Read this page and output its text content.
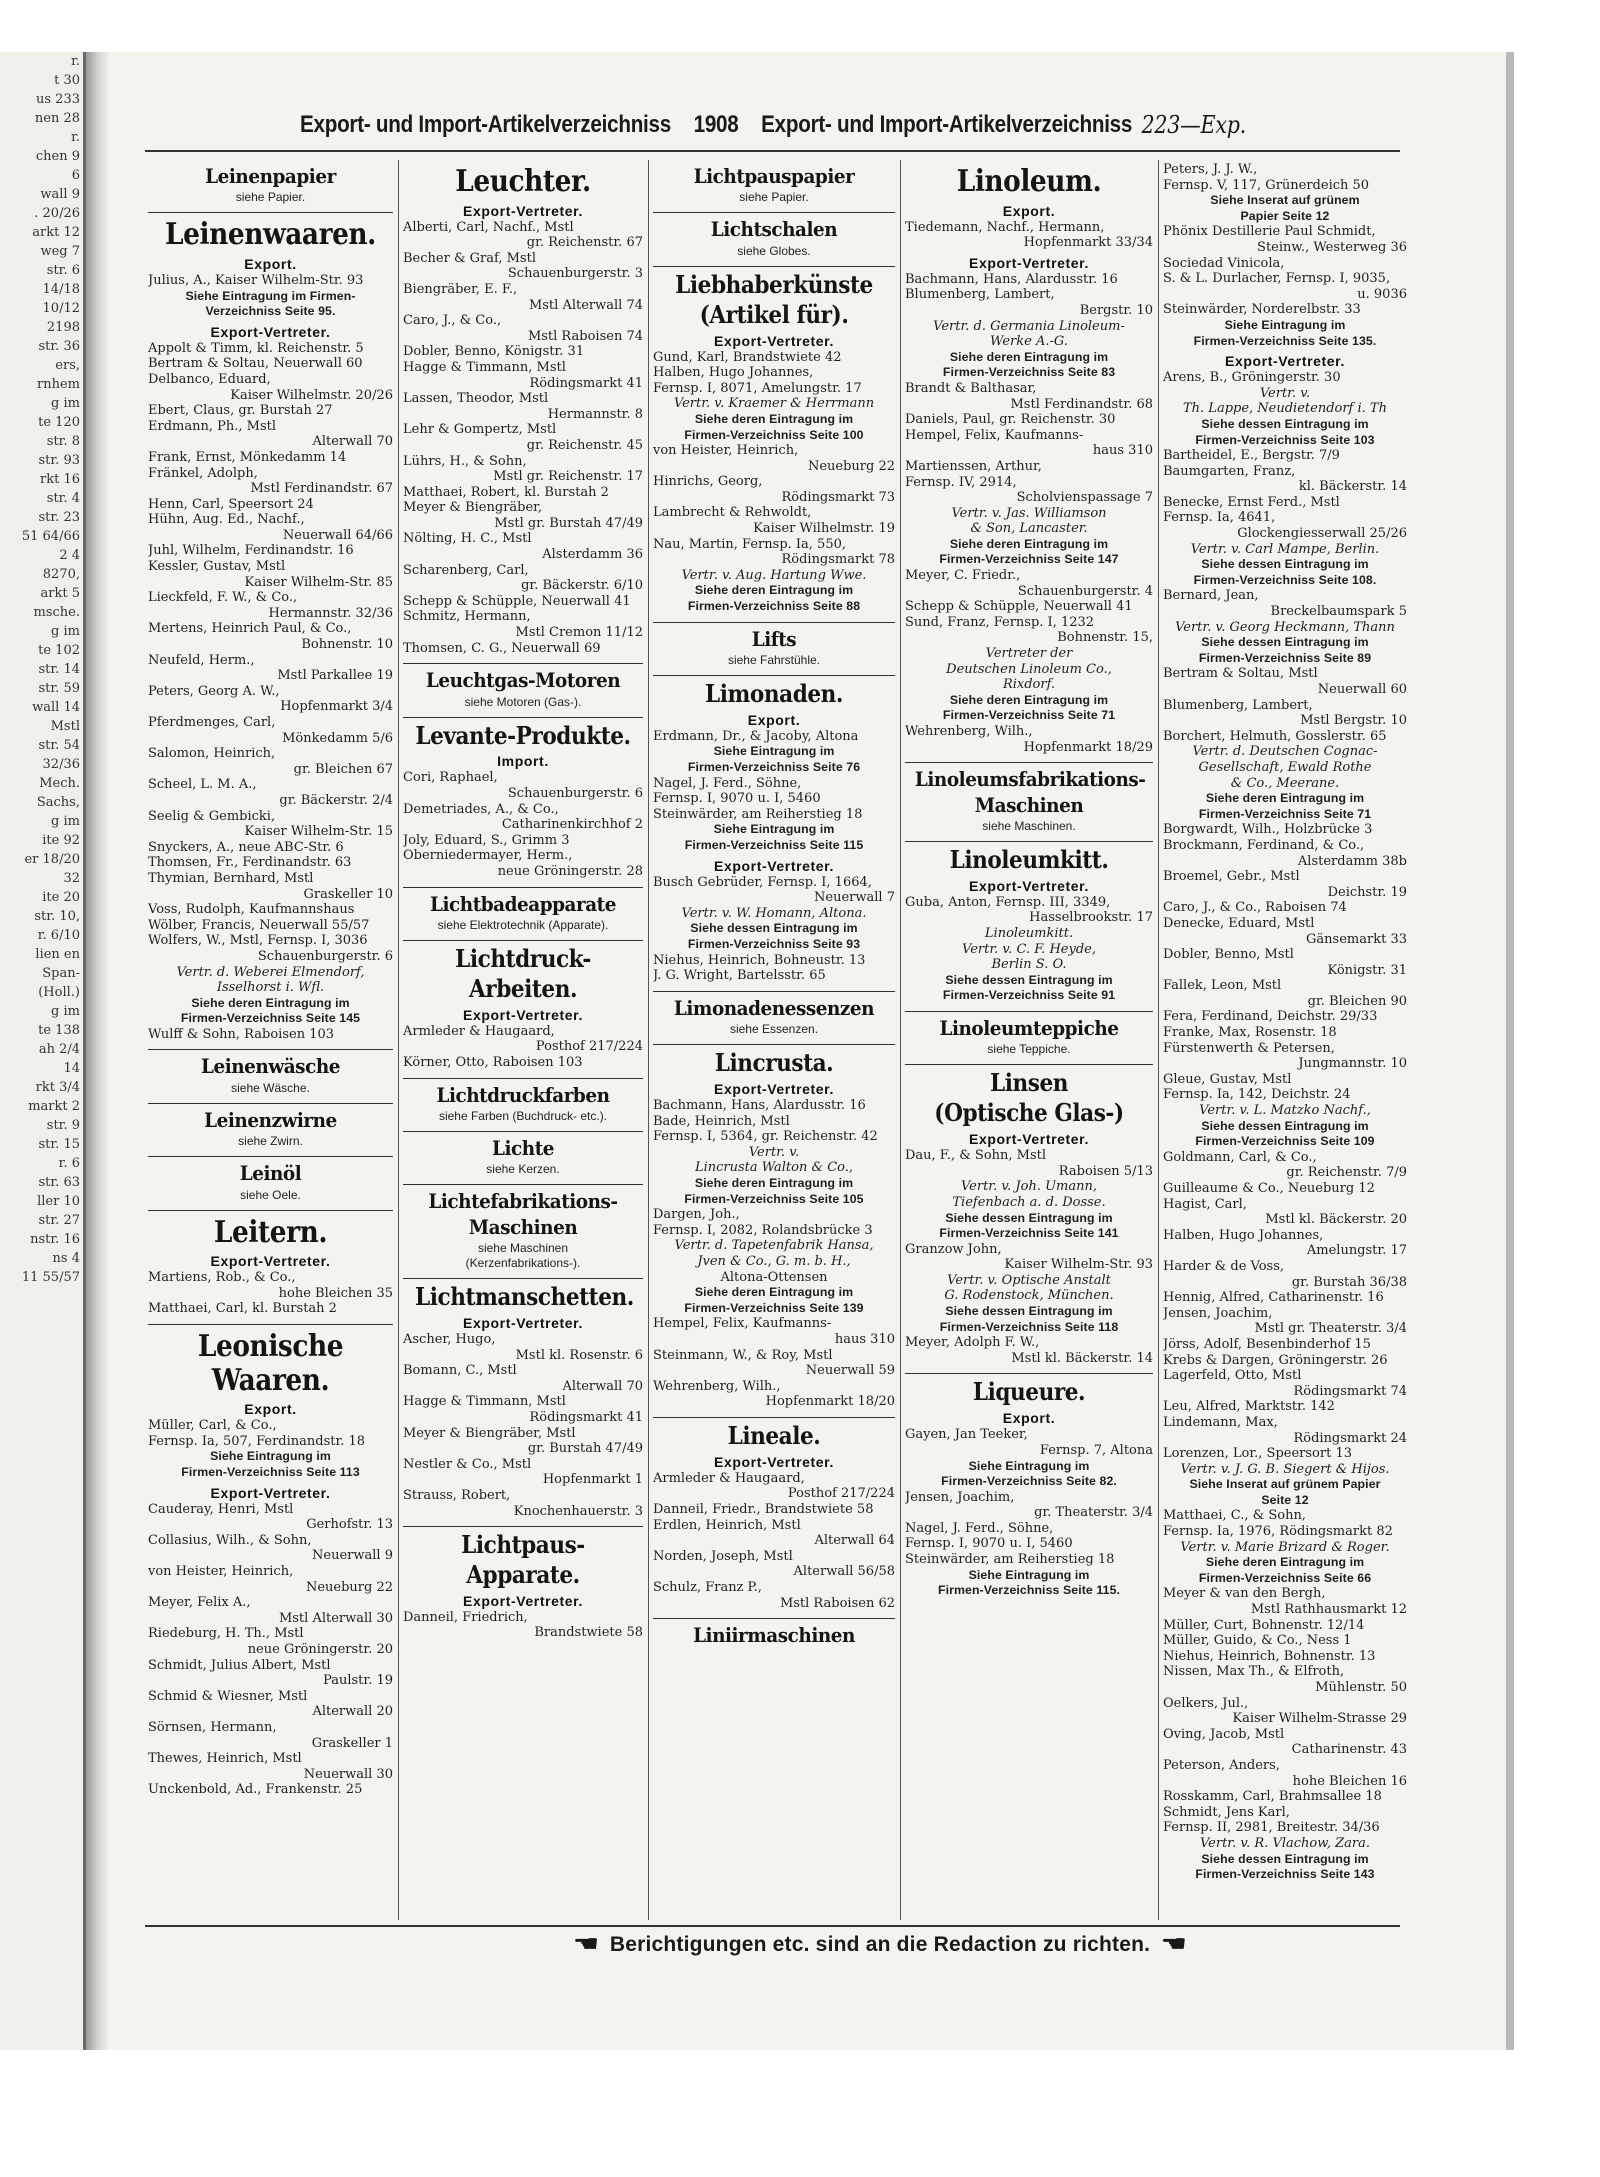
r.
t 30
us 233
nen 28
r.
chen 9
6
wall 9
. 20/26
arkt 12
weg 7
str. 6
14/18
10/12
2198
str. 36
ers,
rnhem
g im
te 120
str. 8
str. 93
rkt 16
str. 4
str. 23
51 64/66
2 4
8270,
arkt 5
msche.
g im
te 102
str. 14
str. 59
wall 14
Mstl
str. 54
32/36
Mech.
Sachs,
g im
ite 92
er 18/20
32
ite 20
str. 10,
r. 6/10
lien en
Span-
(Holl.)
g im
te 138
ah 2/4
14
rkt 3/4
markt 2
str. 9
str. 15
r. 6
str. 63
ller 10
str. 27
nstr. 16
ns 4
11 55/57
Export- und Import-Artikelverzeichniss 1908 Export- und Import-Artikelverzeichniss 223—Exp.
Leinenpapier
siehe Papier.
Leinenwaaren.
Export.
Julius, A., Kaiser Wilhelm-Str. 93
Siehe Eintragung im Firmen-
Verzeichniss Seite 95.
Export-Vertreter.
Appolt & Timm, kl. Reichenstr. 5
Bertram & Soltau, Neuerwall 60
Delbanco, Eduard,
Kaiser Wilhelmstr. 20/26
Ebert, Claus, gr. Burstah 27
Erdmann, Ph., Mstl
Alterwall 70
Frank, Ernst, Mönkedamm 14
Fränkel, Adolph,
Mstl Ferdinandstr. 67
Henn, Carl, Speersort 24
Hühn, Aug. Ed., Nachf.,
Neuerwall 64/66
Juhl, Wilhelm, Ferdinandstr. 16
Kessler, Gustav, Mstl
Kaiser Wilhelm-Str. 85
Lieckfeld, F. W., & Co.,
Hermannstr. 32/36
Mertens, Heinrich Paul, & Co.,
Bohnenstr. 10
Neufeld, Herm.,
Mstl Parkallee 19
Peters, Georg A. W.,
Hopfenmarkt 3/4
Pferdmenges, Carl,
Mönkedamm 5/6
Salomon, Heinrich,
gr. Bleichen 67
Scheel, L. M. A.,
gr. Bäckerstr. 2/4
Seelig & Gembicki,
Kaiser Wilhelm-Str. 15
Snyckers, A., neue ABC-Str. 6
Thomsen, Fr., Ferdinandstr. 63
Thymian, Bernhard, Mstl
Graskeller 10
Voss, Rudolph, Kaufmannshaus
Wölber, Francis, Neuerwall 55/57
Wolfers, W., Mstl, Fernsp. I, 3036
Schauenburgerstr. 6
Vertr. d. Weberei Elmendorf,
Isselhorst i. Wfl.
Siehe deren Eintragung im
Firmen-Verzeichniss Seite 145
Wulff & Sohn, Raboisen 103
Leinenwäsche
siehe Wäsche.
Leinenzwirne
siehe Zwirn.
Leinöl
siehe Oele.
Leitern.
Export-Vertreter.
Martiens, Rob., & Co.,
hohe Bleichen 35
Matthaei, Carl, kl. Burstah 2
Leonische Waaren.
Export.
Müller, Carl, & Co.,
Fernsp. Ia, 507, Ferdinandstr. 18
Siehe Eintragung im
Firmen-Verzeichniss Seite 113
Export-Vertreter.
Cauderay, Henri, Mstl
Gerhofstr. 13
Collasius, Wilh., & Sohn,
Neuerwall 9
von Heister, Heinrich,
Neueburg 22
Meyer, Felix A.,
Mstl Alterwall 30
Riedeburg, H. Th., Mstl
neue Gröningerstr. 20
Schmidt, Julius Albert, Mstl
Paulstr. 19
Schmid & Wiesner, Mstl
Alterwall 20
Sörnsen, Hermann,
Graskeller 1
Thewes, Heinrich, Mstl
Neuerwall 30
Unckenbold, Ad., Frankenstr. 25
Leuchter.
Export-Vertreter.
Alberti, Carl, Nachf., Mstl
gr. Reichenstr. 67
Becher & Graf, Mstl
Schauenburgerstr. 3
Biengräber, E. F.,
Mstl Alterwall 74
Caro, J., & Co.,
Mstl Raboisen 74
Dobler, Benno, Königstr. 31
Hagge & Timmann, Mstl
Rödingsmarkt 41
Lassen, Theodor, Mstl
Hermannstr. 8
Lehr & Gompertz, Mstl
gr. Reichenstr. 45
Lührs, H., & Sohn,
Mstl gr. Reichenstr. 17
Matthaei, Robert, kl. Burstah 2
Meyer & Biengräber,
Mstl gr. Burstah 47/49
Nölting, H. C., Mstl
Alsterdamm 36
Scharenberg, Carl,
gr. Bäckerstr. 6/10
Schepp & Schüpple, Neuerwall 41
Schmitz, Hermann,
Mstl Cremon 11/12
Thomsen, C. G., Neuerwall 69
Leuchtgas-Motoren
siehe Motoren (Gas-).
Levante-Produkte.
Import.
Cori, Raphael,
Schauenburgerstr. 6
Demetriades, A., & Co.,
Catharinenkirchhof 2
Joly, Eduard, S., Grimm 3
Oberniedermayer, Herm.,
neue Gröningerstr. 28
Lichtbadeapparate
siehe Elektrotechnik (Apparate).
Lichtdruck-
Arbeiten.
Export-Vertreter.
Armleder & Haugaard,
Posthof 217/224
Körner, Otto, Raboisen 103
Lichtdruckfarben
siehe Farben (Buchdruck- etc.).
Lichte
siehe Kerzen.
Lichtefabrikations-
Maschinen
siehe Maschinen
(Kerzenfabrikations-).
Lichtmanschetten.
Export-Vertreter.
Ascher, Hugo,
Mstl kl. Rosenstr. 6
Bomann, C., Mstl
Alterwall 70
Hagge & Timmann, Mstl
Rödingsmarkt 41
Meyer & Biengräber, Mstl
gr. Burstah 47/49
Nestler & Co., Mstl
Hopfenmarkt 1
Strauss, Robert,
Knochenhauerstr. 3
Lichtpaus-
Apparate.
Export-Vertreter.
Danneil, Friedrich,
Brandstwiete 58
Lichtpauspapier
siehe Papier.
Lichtschalen
siehe Globes.
Liebhaberkünste
(Artikel für).
Export-Vertreter.
Gund, Karl, Brandstwiete 42
Halben, Hugo Johannes,
Fernsp. I, 8071, Amelungstr. 17
Vertr. v. Kraemer & Herrmann
Siehe deren Eintragung im
Firmen-Verzeichniss Seite 100
von Heister, Heinrich,
Neueburg 22
Hinrichs, Georg,
Rödingsmarkt 73
Lambrecht & Rehwoldt,
Kaiser Wilhelmstr. 19
Nau, Martin, Fernsp. Ia, 550,
Rödingsmarkt 78
Vertr. v. Aug. Hartung Wwe.
Siehe deren Eintragung im
Firmen-Verzeichniss Seite 88
Lifts
siehe Fahrstühle.
Limonaden.
Export.
Erdmann, Dr., & Jacoby, Altona
Siehe Eintragung im
Firmen-Verzeichniss Seite 76
Nagel, J. Ferd., Söhne,
Fernsp. I, 9070 u. I, 5460
Steinwärder, am Reiherstieg 18
Siehe Eintragung im
Firmen-Verzeichniss Seite 115
Export-Vertreter.
Busch Gebrüder, Fernsp. I, 1664,
Neuerwall 7
Vertr. v. W. Homann, Altona.
Siehe dessen Eintragung im
Firmen-Verzeichniss Seite 93
Niehus, Heinrich, Bohneustr. 13
J. G. Wright, Bartelsstr. 65
Limonadenessenzen
siehe Essenzen.
Lincrusta.
Export-Vertreter.
Bachmann, Hans, Alardusstr. 16
Bade, Heinrich, Mstl
Fernsp. I, 5364, gr. Reichenstr. 42
Vertr. v.
Lincrusta Walton & Co.,
Siehe deren Eintragung im
Firmen-Verzeichniss Seite 105
Dargen, Joh.,
Fernsp. I, 2082, Rolandsbrücke 3
Vertr. d. Tapetenfabrik Hansa,
Jven & Co., G. m. b. H.,
Altona-Ottensen
Siehe deren Eintragung im
Firmen-Verzeichniss Seite 139
Hempel, Felix, Kaufmanns-
haus 310
Steinmann, W., & Roy, Mstl
Neuerwall 59
Wehrenberg, Wilh.,
Hopfenmarkt 18/20
Lineale.
Export-Vertreter.
Armleder & Haugaard,
Posthof 217/224
Danneil, Friedr., Brandstwiete 58
Erdlen, Heinrich, Mstl
Alterwall 64
Norden, Joseph, Mstl
Alterwall 56/58
Schulz, Franz P.,
Mstl Raboisen 62
Liniirmaschinen
Linoleum.
Export.
Tiedemann, Nachf., Hermann,
Hopfenmarkt 33/34
Export-Vertreter.
Bachmann, Hans, Alardusstr. 16
Blumenberg, Lambert,
Bergstr. 10
Vertr. d. Germania Linoleum-
Werke A.-G.
Siehe deren Eintragung im
Firmen-Verzeichniss Seite 83
Brandt & Balthasar,
Mstl Ferdinandstr. 68
Daniels, Paul, gr. Reichenstr. 30
Hempel, Felix, Kaufmanns-
haus 310
Martienssen, Arthur,
Fernsp. IV, 2914,
Scholvienspassage 7
Vertr. v. Jas. Williamson
& Son, Lancaster.
Siehe deren Eintragung im
Firmen-Verzeichniss Seite 147
Meyer, C. Friedr.,
Schauenburgerstr. 4
Schepp & Schüpple, Neuerwall 41
Sund, Franz, Fernsp. I, 1232
Bohnenstr. 15,
Vertreter der
Deutschen Linoleum Co.,
Rixdorf.
Siehe deren Eintragung im
Firmen-Verzeichniss Seite 71
Wehrenberg, Wilh.,
Hopfenmarkt 18/29
Linoleumsfabrikations-
Maschinen
siehe Maschinen.
Linoleumkitt.
Export-Vertreter.
Guba, Anton, Fernsp. III, 3349,
Hasselbrookstr. 17
Linoleumkitt.
Vertr. v. C. F. Heyde,
Berlin S. O.
Siehe dessen Eintragung im
Firmen-Verzeichniss Seite 91
Linoleumteppiche
siehe Teppiche.
Linsen
(Optische Glas-)
Export-Vertreter.
Dau, F., & Sohn, Mstl
Raboisen 5/13
Vertr. v. Joh. Umann,
Tiefenbach a. d. Dosse.
Siehe dessen Eintragung im
Firmen-Verzeichniss Seite 141
Granzow John,
Kaiser Wilhelm-Str. 93
Vertr. v. Optische Anstalt
G. Rodenstock, München.
Siehe dessen Eintragung im
Firmen-Verzeichniss Seite 118
Meyer, Adolph F. W.,
Mstl kl. Bäckerstr. 14
Liqueure.
Export.
Gayen, Jan Teeker,
Fernsp. 7, Altona
Siehe Eintragung im
Firmen-Verzeichniss Seite 82.
Jensen, Joachim,
gr. Theaterstr. 3/4
Nagel, J. Ferd., Söhne,
Fernsp. I, 9070 u. I, 5460
Steinwärder, am Reiherstieg 18
Siehe Eintragung im
Firmen-Verzeichniss Seite 115.
Peters, J. J. W.,
Fernsp. V, 117, Grünerdeich 50
Siehe Inserat auf grünem
Papier Seite 12
Phönix Destillerie Paul Schmidt,
Steinw., Westerweg 36
Sociedad Vinicola,
S. & L. Durlacher, Fernsp. I, 9035,
u. 9036
Steinwärder, Norderelbstr. 33
Siehe Eintragung im
Firmen-Verzeichniss Seite 135.
Export-Vertreter.
Arens, B., Gröningerstr. 30
Vertr. v.
Th. Lappe, Neudietendorf i. Th
Siehe dessen Eintragung im
Firmen-Verzeichniss Seite 103
Bartheidel, E., Bergstr. 7/9
Baumgarten, Franz,
kl. Bäckerstr. 14
Benecke, Ernst Ferd., Mstl
Fernsp. Ia, 4641,
Glockengiesserwall 25/26
Vertr. v. Carl Mampe, Berlin.
Siehe dessen Eintragung im
Firmen-Verzeichniss Seite 108.
Bernard, Jean,
Breckelbaumspark 5
Vertr. v. Georg Heckmann, Thann
Siehe dessen Eintragung im
Firmen-Verzeichniss Seite 89
Bertram & Soltau, Mstl
Neuerwall 60
Blumenberg, Lambert,
Mstl Bergstr. 10
Borchert, Helmuth, Gosslerstr. 65
Vertr. d. Deutschen Cognac-
Gesellschaft, Ewald Rothe
& Co., Meerane.
Siehe deren Eintragung im
Firmen-Verzeichniss Seite 71
Borgwardt, Wilh., Holzbrücke 3
Brockmann, Ferdinand, & Co.,
Alsterdamm 38b
Broemel, Gebr., Mstl
Deichstr. 19
Caro, J., & Co., Raboisen 74
Denecke, Eduard, Mstl
Gänsemarkt 33
Dobler, Benno, Mstl
Königstr. 31
Fallek, Leon, Mstl
gr. Bleichen 90
Fera, Ferdinand, Deichstr. 29/33
Franke, Max, Rosenstr. 18
Fürstenwerth & Petersen,
Jungmannstr. 10
Gleue, Gustav, Mstl
Fernsp. Ia, 142, Deichstr. 24
Vertr. v. L. Matzko Nachf.,
Siehe dessen Eintragung im
Firmen-Verzeichniss Seite 109
Goldmann, Carl, & Co.,
gr. Reichenstr. 7/9
Guilleaume & Co., Neueburg 12
Hagist, Carl,
Mstl kl. Bäckerstr. 20
Halben, Hugo Johannes,
Amelungstr. 17
Harder & de Voss,
gr. Burstah 36/38
Hennig, Alfred, Catharinenstr. 16
Jensen, Joachim,
Mstl gr. Theaterstr. 3/4
Jörss, Adolf, Besenbinderhof 15
Krebs & Dargen, Gröningerstr. 26
Lagerfeld, Otto, Mstl
Rödingsmarkt 74
Leu, Alfred, Marktstr. 142
Lindemann, Max,
Rödingsmarkt 24
Lorenzen, Lor., Speersort 13
Vertr. v. J. G. B. Siegert & Hijos.
Siehe Inserat auf grünem Papier
Seite 12
Matthaei, C., & Sohn,
Fernsp. Ia, 1976, Rödingsmarkt 82
Vertr. v. Marie Brizard & Roger.
Siehe deren Eintragung im
Firmen-Verzeichniss Seite 66
Meyer & van den Bergh,
Mstl Rathhausmarkt 12
Müller, Curt, Bohnenstr. 12/14
Müller, Guido, & Co., Ness 1
Niehus, Heinrich, Bohnenstr. 13
Nissen, Max Th., & Elfroth,
Mühlenstr. 50
Oelkers, Jul.,
Kaiser Wilhelm-Strasse 29
Oving, Jacob, Mstl
Catharinenstr. 43
Peterson, Anders,
hohe Bleichen 16
Rosskamm, Carl, Brahmsallee 18
Schmidt, Jens Karl,
Fernsp. II, 2981, Breitestr. 34/36
Vertr. v. R. Vlachow, Zara.
Siehe dessen Eintragung im
Firmen-Verzeichniss Seite 143
☛ Berichtigungen etc. sind an die Redaction zu richten. ☚
